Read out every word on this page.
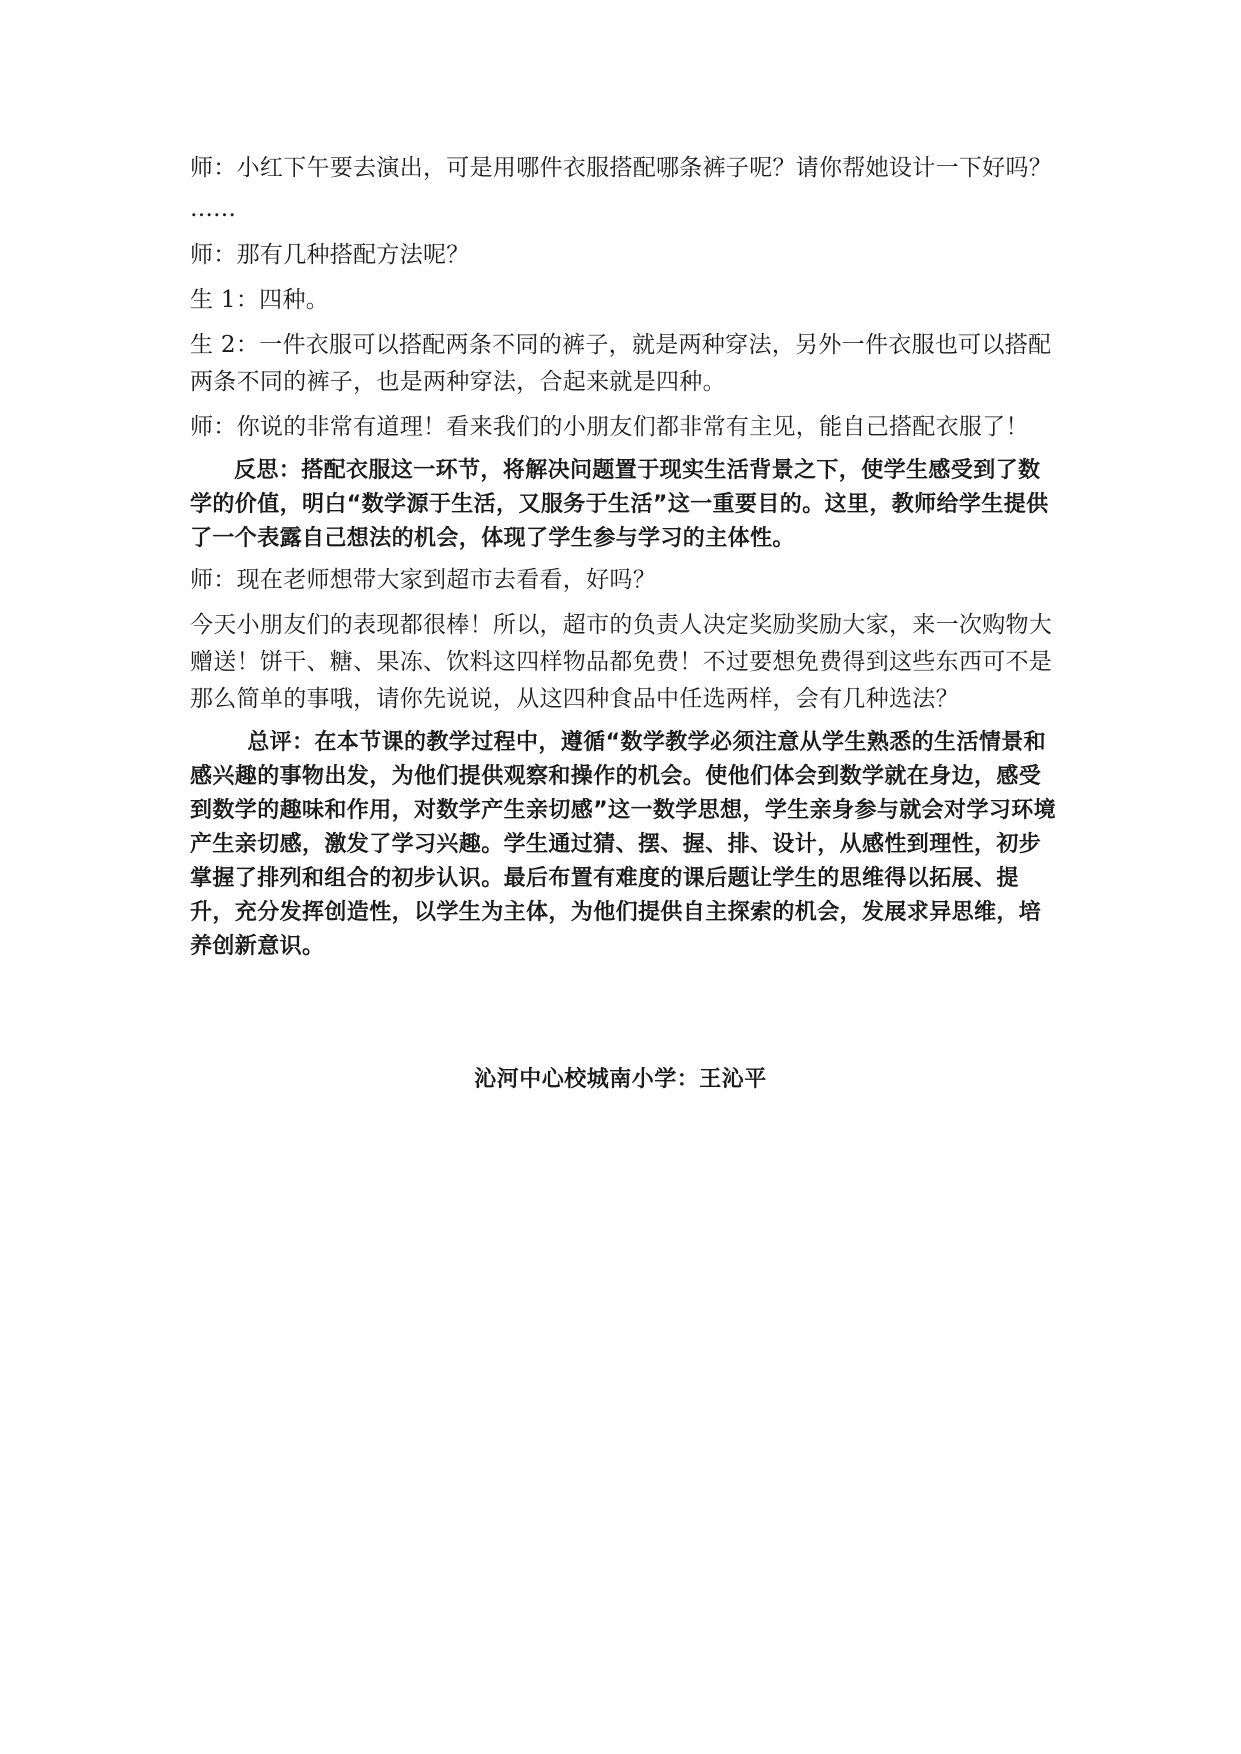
师：小红下午要去演出，可是用哪件衣服搭配哪条裤子呢？请你帮她设计一下好吗？

……

师：那有几种搭配方法呢？

生 1：四种。

生 2：一件衣服可以搭配两条不同的裤子，就是两种穿法，另外一件衣服也可以搭配两条不同的裤子，也是两种穿法，合起来就是四种。

师：你说的非常有道理！看来我们的小朋友们都非常有主见，能自己搭配衣服了！

反思：搭配衣服这一环节，将解决问题置于现实生活背景之下，使学生感受到了数学的价值，明白“数学源于生活，又服务于生活”这一重要目的。这里，教师给学生提供了一个表露自己想法的机会，体现了学生参与学习的主体性。

师：现在老师想带大家到超市去看看，好吗？

今天小朋友们的表现都很棒！所以，超市的负责人决定奖励奖励大家，来一次购物大赠送！饼干、糖、果冻、饮料这四样物品都免费！不过要想免费得到这些东西可不是那么简单的事哦，请你先说说，从这四种食品中任选两样，会有几种选法？

总评：在本节课的教学过程中，遵循“数学教学必须注意从学生熟悉的生活情景和感兴趣的事物出发，为他们提供观察和操作的机会。使他们体会到数学就在身边，感受到数学的趣味和作用，对数学产生亲切感”这一数学思想，学生亲身参与就会对学习环境产生亲切感，激发了学习兴趣。学生通过猜、摆、握、排、设计，从感性到理性，初步掌握了排列和组合的初步认识。最后布置有难度的课后题让学生的思维得以拓展、提升，充分发挥创造性，以学生为主体，为他们提供自主探索的机会，发展求异思维，培养创新意识。

沁河中心校城南小学：王沁平
